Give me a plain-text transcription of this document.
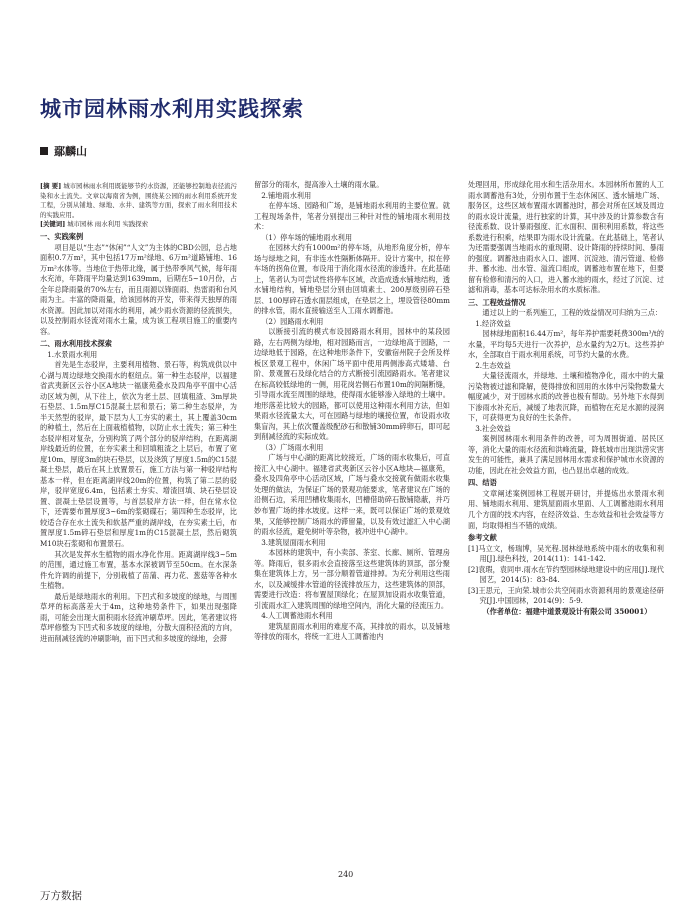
城市园林雨水利用实践探索
鄢麟山

[摘 要] 城市园林雨水利用既能够节约水资源，还能够控制地表径流污染和水土流失。文章以海南省为例，围绕某公园的雨水利用系统开发工程，分别从铺地、绿地、水井、建筑等方面，探索了雨水利用技术的实践应用。

[关键词] 城市园林 雨水利用 实践探索

一、实践案例

项目是以“生态”“休闲”“人文”为主体的CBD公园，总占地面积0.7万m²，其中包括17万m²绿地、6万m²道路铺地、16万m²水体等。当地位于热带北缘，属于热带季风气候，每年雨水充沛，年降雨平均量达到1639mm，后期在5~10月份，占全年总降雨量的70%左右，而且雨源以锋面雨、热雷雨和台风雨为主。丰富的降雨量，给该园林的开发，带来得天独厚的雨水资源。因此加以对雨水的利用，减少雨水资源的径流损失，以及控制雨水径流对雨水土量，成为该工程项目施工的重要内容。

二、雨水利用技术探索

1.水景雨水利用

首先是生态驳岸，主要利用植物、景石等，构筑成供以中心湖与周边绿地交换雨水的枢纽点。第一种生态驳岸，以福建省武夷新区云谷小区A地块一福康苑叠水及四角亭平面中心活动区域为例，从下往上，依次为老土层、回填粗渣、3m厚块石垫层、1.5m厚C15混凝土层和景石；第二种生态驳岸，为半天然型的驳岸，最下层为人工夯实的素土，其上覆盖30cm的种植土，然后在上面栽植植物，以防止水土流失；第三种生态驳岸相对复杂，分别构筑了两个部分的驳岸结构，在距离湖岸线最近的位置，在夯实素土和回填粗渣之上层后，布置了宽度10m、厚度3m的块石垫层，以及浇筑了厚度1.5m的C15混凝土垫层，最后在其上放置景石，施工方法与第一种驳岸结构基本一样，但在距离湖岸线20m的位置，构筑了第二层的驳岸，驳岸宽度6.4m，包括素土夯实、增渣回填、块石垫层设置、混凝土垫层设置等，与首层驳岸方法一样，但在常水位下，还需要布置厚度3~6m的浆砌碟石；第四种生态驳岸，比较适合存在水土流失和软基严重的湖岸线，在夯实素土后，布置厚度1.5m碎石垫层和厚度1m的C15混凝土层，然后砌筑M10块石浆砌和布置景石。

其次是发挥水生植物的雨水净化作用。距离湖岸线3~5m的范围，通过施工布置，基本水深被调节至50cm。在水深条件允许调的前提下，分别栽植了苗蒲、再力花、葱菇等各种水生植物。

最后是绿地雨水的利用。下凹式和多坡度的绿地，与周围草坪的标高落差大于4m，这种地势条件下，如果出现强降雨，可能会出现大面积雨水径流冲刷草坪。因此，笔者建议将草坪修整为下凹式和多坡度的绿地，分散大面积径流的方向，进而削减径流的冲刷影响，而下凹式和多坡度的绿地，会滞

留部分的雨水，提高渗入土壤的雨水量。

2.铺地雨水利用

在停车场、园路和广场，是铺地雨水利用的主要位置。就工程现场条件，笔者分别提出三种针对性的铺地雨水利用技术：

（1）停车场的铺地雨水利用

在园林大约有1000m²的停车场，从地形角度分析，停车场与绿地之间，有非连水性隔断体隔开。设计方案中，拟在停车场的拐角位置，布设用于消化雨水径流的渗透井。在此基础上，笔者认为可尝试性将停车区域，改造成透水铺地结构，透水铺地结构，铺地垫层分别由回填素土、200厚级别碎石垫层、100厚碎石透水面层组成，在垫层之上，埋设管径80mm的排水管，雨水直接输送至人工雨水调蓄池。

（2）园路雨水利用

以断接引流的模式布设园路雨水利用，园林中的某段园路，左右两侧为绿地，相对园路而言，一边绿地高于园路，一边绿地低于园路，在这种地形条件下，安徽宿州院子会所及样板区景观工程中，休闲广场平面中使用两侧渗高式矮墙、台阶、景观置石及绿化结合的方式断接引流园路雨水。笔者建议在标高较低绿地的一侧，用花岗岩侧石布置10m的间隔断缝，引导雨水流至周围的绿地，使得雨水能够渗入绿地的土壤中。地形落差比较大的园路，都可以使用这种雨水利用方法，但如果雨水径流量太大，可在园路与绿地的壤接位置，布设雨水收集盲沟，其上依次覆盖级配砂石和散铺30mm碎卵石，即可起到削减径流的实际成效。

（3）广场雨水利用

广场与中心湖的距离比较接近，广场的雨水收集后，可直接汇入中心湖中。福建省武夷新区云谷小区A地块—福康苑，叠水及四角亭中心活动区域，广场与叠水交接就有做雨水收集处理的做法，为保证广场的景观功能要求，笔者建议在广场的沿侧石边，采用凹槽收集雨水，凹槽借助碎石散铺隐蔽，并巧妙布置广场的排水坡度。这样一来，既可以保证广场的景观效果，又能够控制广场雨水的滞留量，以及有效过滤汇入中心湖的雨水径流，避免树叶等杂物，被冲进中心湖中。

3.建筑屋面雨水利用

本园林的建筑中，有小卖部、茶室、长廊、厕所、管理房等。降雨后，很多雨水会直接落至这些建筑体的顶部，部分聚集在建筑体上方，另一部分顺着管道排掉。为充分利用这些雨水，以及减缓排水管道的径流排放压力，这些建筑体的顶部，需要进行改造：将布置屋顶绿化；在屋顶加设雨水收集管道，引流雨水汇入建筑周围的绿地空间内，消化大量的径流压力。

4.人工调蓄池雨水利用

建筑屋面雨水利用的难度不高，其排放的雨水，以及铺地等排放的雨水，将统一汇进人工调蓄池内

处理回用，形成绿化用水和生活杂用水。本园林所布置的人工雨水调蓄池有3处，分别布置于生态休闲区、透水铺地广场、服务区，这些区域布置雨水调蓄池时，都会对所在区域及周边的雨水设计流量，进行独家的计算，其中涉及的计算参数含有径流系数、设计暴雨强度、汇水面积、面积利用系数，将这些系数进行积乘，结果即为雨水设计流量。在此基础上，笔者认为还需要强调当地雨水的重现期、设计降雨的持续时间、暴雨的强度。调蓄池由雨水入口、滤网、沉淀池、清污管道、检修井、蓄水池、出水管、溢流口组成，调蓄池布置在地下，但要留有检修和清污的入口，进入蓄水池的雨水，经过了沉淀、过滤和消毒，基本可达标杂用水的水质标准。

三、工程效益情况

通过以上的一系列施工，工程的效益情况可归纳为三点：

1.经济效益

园林绿地面积16.44万m²，每年养护需要耗费300m³/t的水量，平均每5天进行一次养护，总水量约为2万t。这些养护水，全部取自于雨水利用系统，可节约大量的水费。

2.生态效益

大量径流雨水，并绿地、土壤和植物净化，雨水中的大量污染物被过滤和降解，使得排放和回用的水体中污染物数量大幅度减少，对于园林水质的改善也极有帮助。另外地下水得到下渗雨水补充后，减缓了地表沉降，而植物在充足水源的浸润下，可获得更为良好的生长条件。

3.社会效益

案例园林雨水利用条件的改善，可为周围街道、居民区等，消化大量的雨水径流和洪峰流量，降低城市出现洪涝灾害发生的可能性，兼具了满足园林用水需求和保护城市水资源的功能，因此在社会效益方面，也凸显出卓越的成效。

四、结语

文章阐述案例园林工程展开研讨，并提炼出水景雨水利用、铺地雨水利用、建筑屋面雨水里面、人工调蓄池雨水利用几个方面的技术内容，在经济效益、生态效益和社会效益等方面，均取得相当不错的成绩。

参考文献

[1]马立文，杨瑞博，吴光程.园林绿地系统中雨水的收集和利用[J].绿色科技，2014(11)：141-142.

[2]袁瑕，袁同申.雨水在节约型园林绿地建设中的应用[J].现代园艺，2014(5)：83-84.

[3]王思元，王向荣.城市公共空间雨水资源利用的景观途径研究[J].中国园林，2014(9)：5-9.

（作者单位：福建中道景观设计有限公司 350001）

240
万方数据
